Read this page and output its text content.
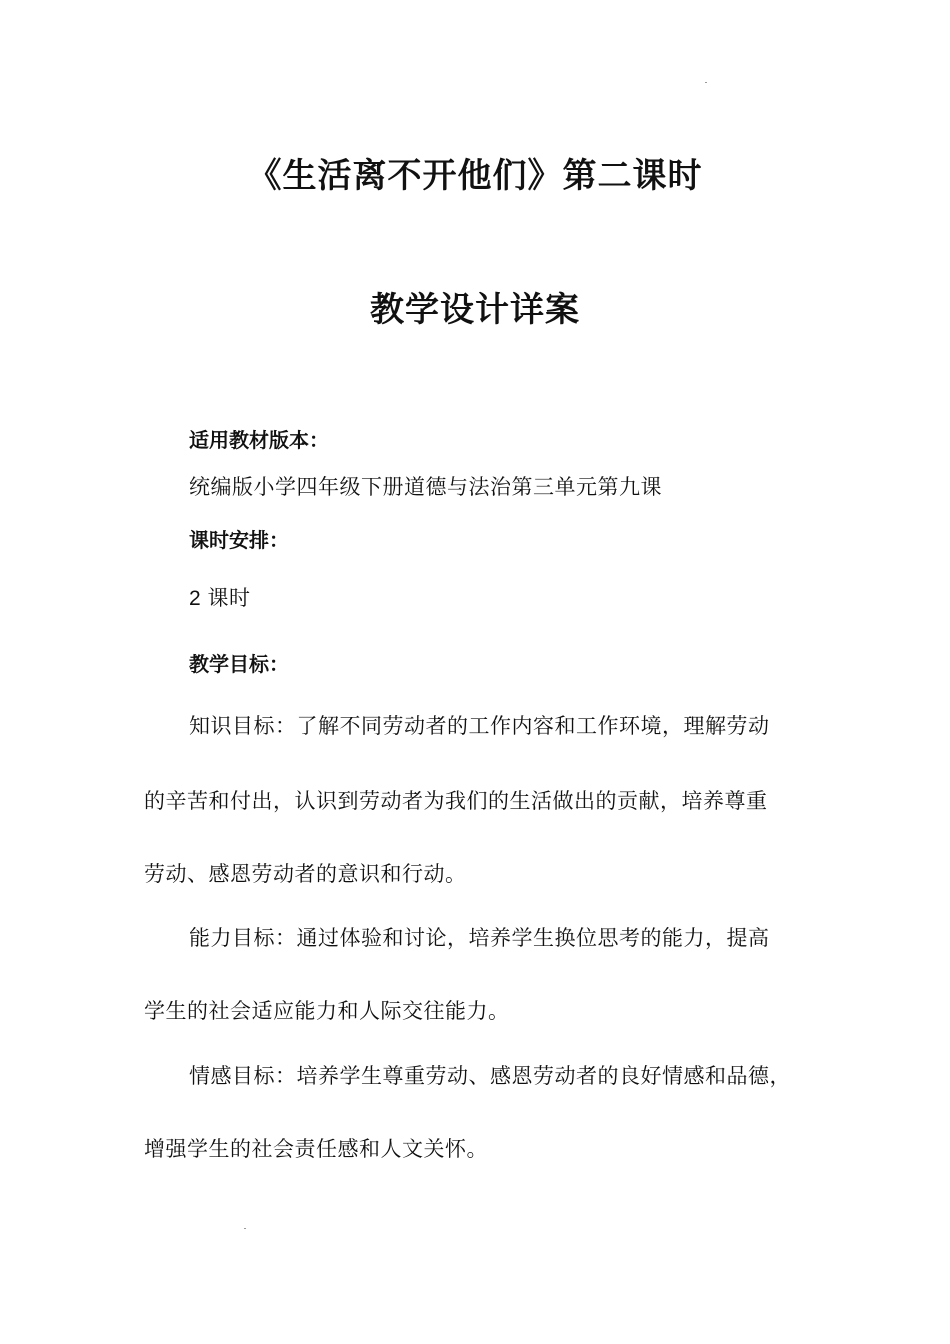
《生活离不开他们》第二课时
教学设计详案
适用教材版本：
统编版小学四年级下册道德与法治第三单元第九课
课时安排：
2 课时
教学目标：
知识目标：了解不同劳动者的工作内容和工作环境，理解劳动
的辛苦和付出，认识到劳动者为我们的生活做出的贡献，培养尊重
劳动、感恩劳动者的意识和行动。
能力目标：通过体验和讨论，培养学生换位思考的能力，提高
学生的社会适应能力和人际交往能力。
情感目标：培养学生尊重劳动、感恩劳动者的良好情感和品德，
增强学生的社会责任感和人文关怀。
